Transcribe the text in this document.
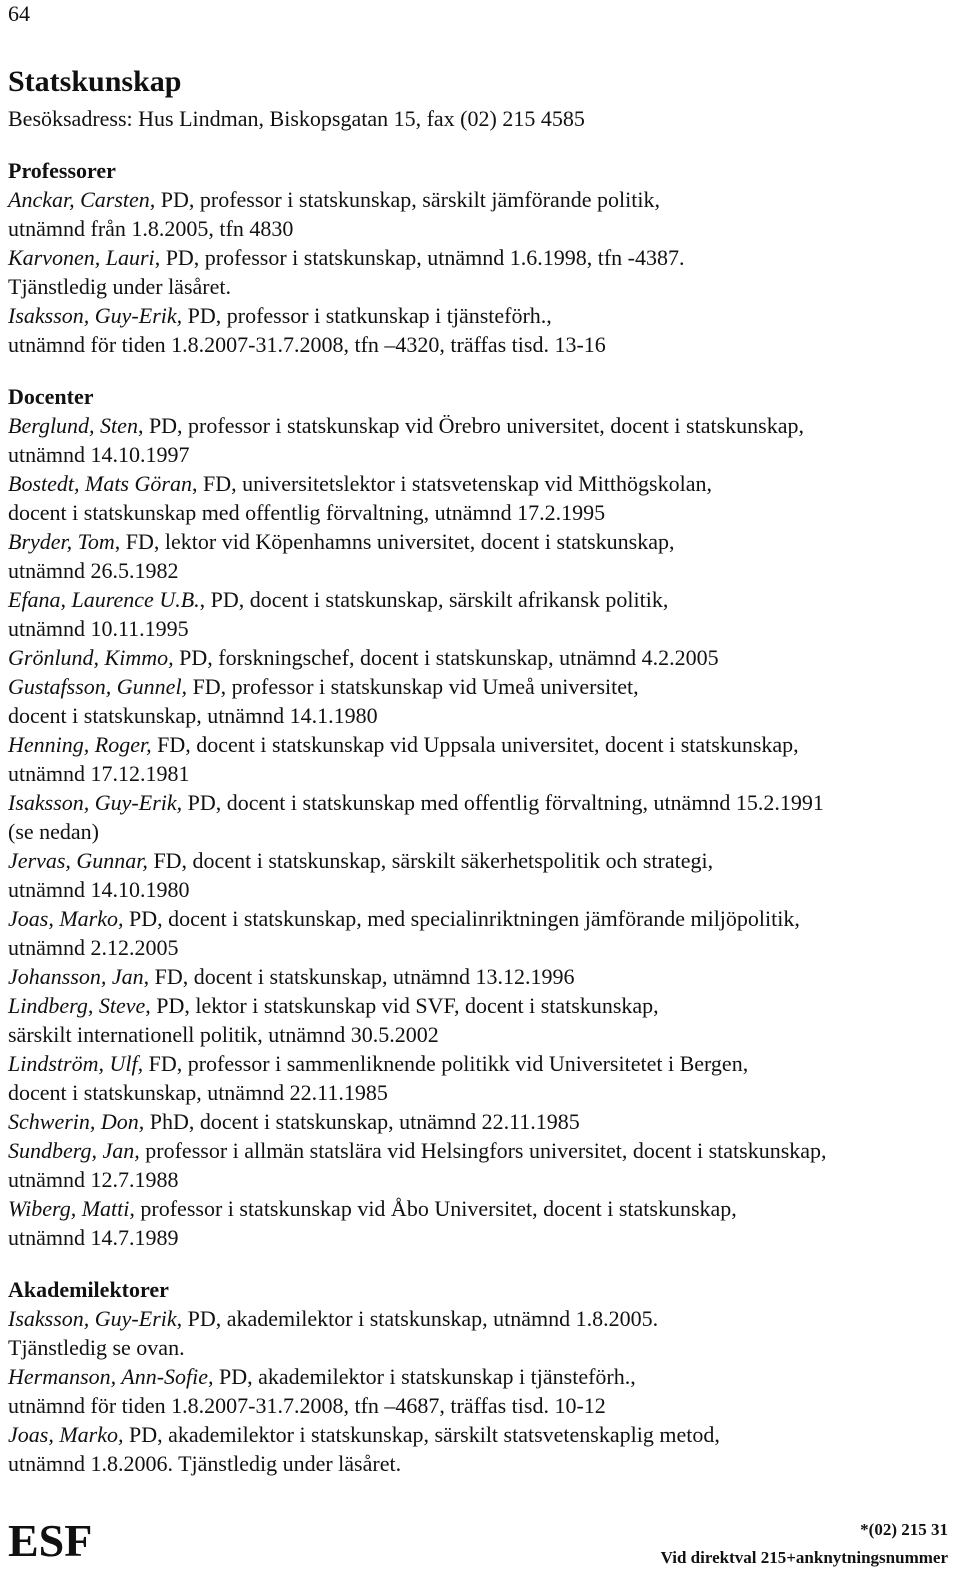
64
Statskunskap

Besöksadress: Hus Lindman, Biskopsgatan 15, fax (02) 215 4585

Professorer

Anckar, Carsten, PD, professor i statskunskap, särskilt jämförande politik,

utnämnd från 1.8.2005, tfn 4830

Karvonen, Lauri, PD, professor i statskunskap, utnämnd 1.6.1998, tfn -4387.

Tjänstledig under läsåret.

Isaksson, Guy-Erik, PD, professor i statkunskap i tjänsteförh.,

utnämnd för tiden 1.8.2007-31.7.2008, tfn –4320, träffas tisd. 13-16

Docenter

Berglund, Sten, PD, professor i statskunskap vid Örebro universitet, docent i statskunskap,

utnämnd 14.10.1997

Bostedt, Mats Göran, FD, universitetslektor i statsvetenskap vid Mitthögskolan,

docent i statskunskap med offentlig förvaltning, utnämnd 17.2.1995

Bryder, Tom, FD, lektor vid Köpenhamns universitet, docent i statskunskap,

utnämnd 26.5.1982

Efana, Laurence U.B., PD, docent i statskunskap, särskilt afrikansk politik,

utnämnd 10.11.1995

Grönlund, Kimmo, PD, forskningschef, docent i statskunskap, utnämnd 4.2.2005

Gustafsson, Gunnel, FD, professor i statskunskap vid Umeå universitet,

docent i statskunskap, utnämnd 14.1.1980

Henning, Roger, FD, docent i statskunskap vid Uppsala universitet, docent i statskunskap,

utnämnd 17.12.1981

Isaksson, Guy-Erik, PD, docent i statskunskap med offentlig förvaltning, utnämnd 15.2.1991

(se nedan)

Jervas, Gunnar, FD, docent i statskunskap, särskilt säkerhetspolitik och strategi,

utnämnd 14.10.1980

Joas, Marko, PD, docent i statskunskap, med specialinriktningen jämförande miljöpolitik,

utnämnd 2.12.2005

Johansson, Jan, FD, docent i statskunskap, utnämnd 13.12.1996

Lindberg, Steve, PD, lektor i statskunskap vid SVF, docent i statskunskap,

särskilt internationell politik, utnämnd 30.5.2002

Lindström, Ulf, FD, professor i sammenliknende politikk vid Universitetet i Bergen,

docent i statskunskap, utnämnd 22.11.1985

Schwerin, Don, PhD, docent i statskunskap, utnämnd 22.11.1985

Sundberg, Jan, professor i allmän statslära vid Helsingfors universitet, docent i statskunskap,

utnämnd 12.7.1988

Wiberg, Matti, professor i statskunskap vid Åbo Universitet, docent i statskunskap,

utnämnd 14.7.1989

Akademilektorer

Isaksson, Guy-Erik, PD, akademilektor i statskunskap, utnämnd 1.8.2005.

Tjänstledig se ovan.

Hermanson, Ann-Sofie, PD, akademilektor i statskunskap i tjänsteförh.,

utnämnd för tiden 1.8.2007-31.7.2008, tfn –4687, träffas tisd. 10-12

Joas, Marko, PD, akademilektor i statskunskap, särskilt statsvetenskaplig metod,

utnämnd 1.8.2006. Tjänstledig under läsåret.

ESF	*(02) 215 31
Vid direktval 215+anknytningsnummer
